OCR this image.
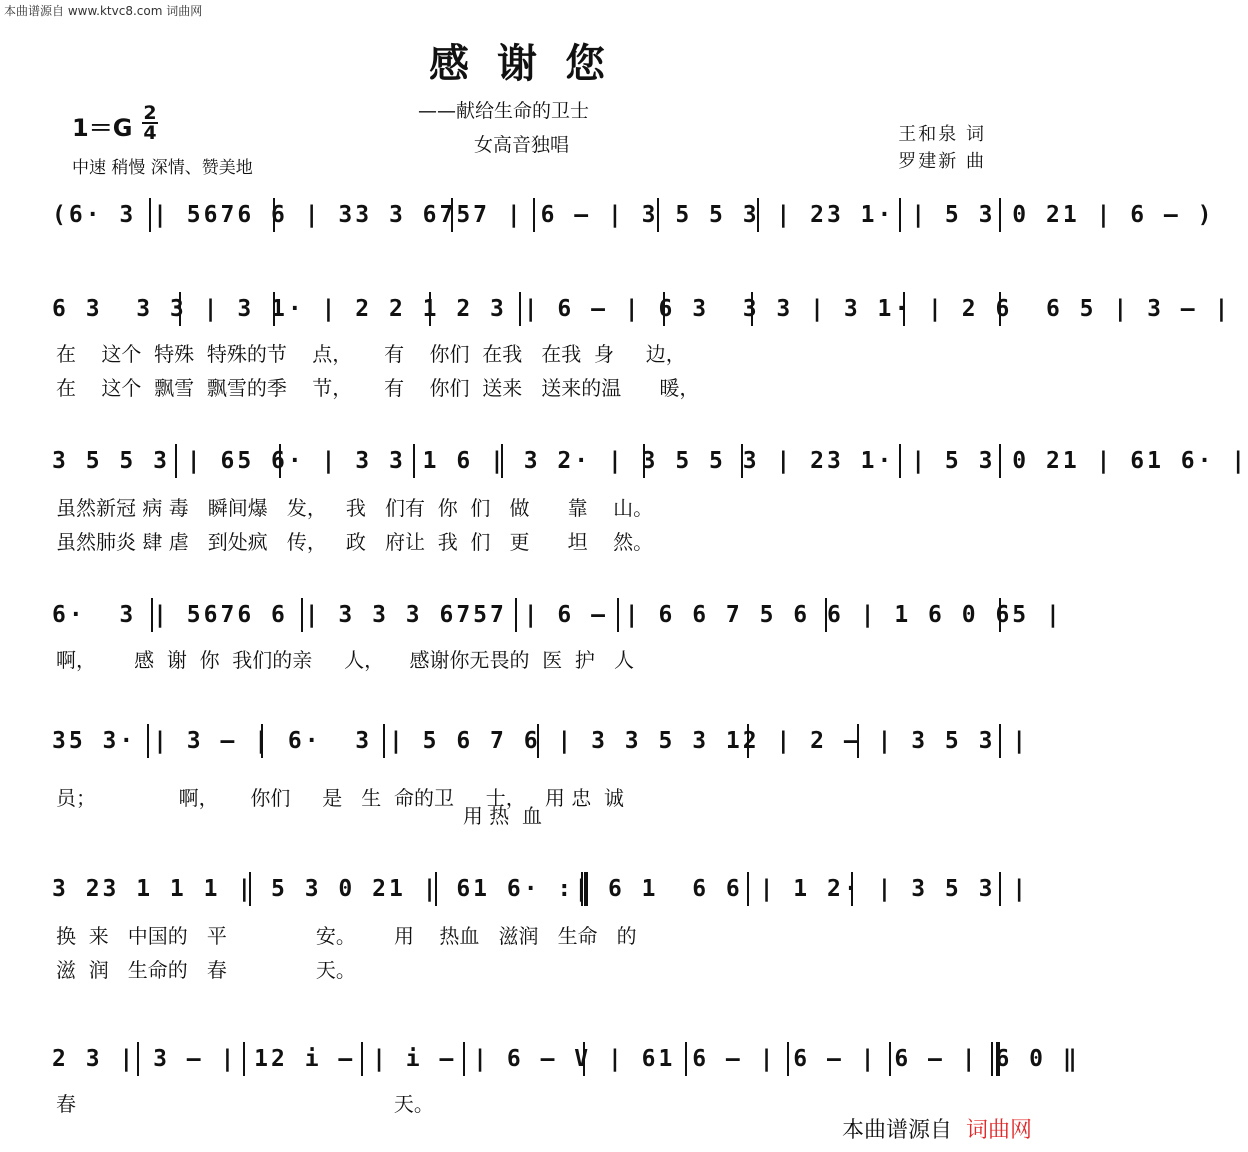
本曲谱源自 www.ktvc8.com 词曲网
感谢您
——献给生命的卫士
女高音独唱
1＝G
2
4
中速 稍慢 深情、赞美地
王和泉 词
罗建新 曲
(6· 3 | 5676 6 | 33 3 6757 | 6 – | 3 5 5 3 | 23 1· | 5 3 0 21 | 6 – )
6 3  3 3 | 3 1· | 2 2 1 2 3 | 6 – | 6 3  3 3 | 3 1· | 2 6  6 5 | 3 – |
在    这个  特殊  特殊的节    点，     有    你们  在我   在我  身     边，
在    这个  飘雪  飘雪的季    节，     有    你们  送来   送来的温      暖，
3 5 5 3 | 65 6· | 3 3 1 6 | 3 2· | 3 5 5 3 | 23 1· | 5 3 0 21 | 61 6· |
虽然新冠 病 毒   瞬间爆   发，   我   们有  你  们   做      靠    山。
虽然肺炎 肆 虐   到处疯   传，   政   府让  我  们   更      坦    然。
6·  3 | 5676 6 | 3 3 3 6757 | 6 – | 6 6 7 5 6 6 | 1 6 0 65 |
啊，      感  谢  你  我们的亲     人，    感谢你无畏的  医  护   人
35 3· | 3 – | 6·  3 | 5 6 7 6 | 3 3 5 3 12 | 2 – | 3 5 3 |
员；             啊，     你们     是   生  命的卫     士，   用 忠  诚
用 热  血
3 23 1 1 1 | 5 3 0 21 | 61 6· :| 6 1  6 6 | 1 2· | 3 5 3 |
换  来   中国的   平              安。      用    热血   滋润   生命   的
滋  润   生命的   春              天。
2 3 | 3 – | 12 i – | i – | 6 – V | 61 6 – | 6 – | 6 – | 6 0 ‖
春                                                  天。
本曲谱源自 词曲网
